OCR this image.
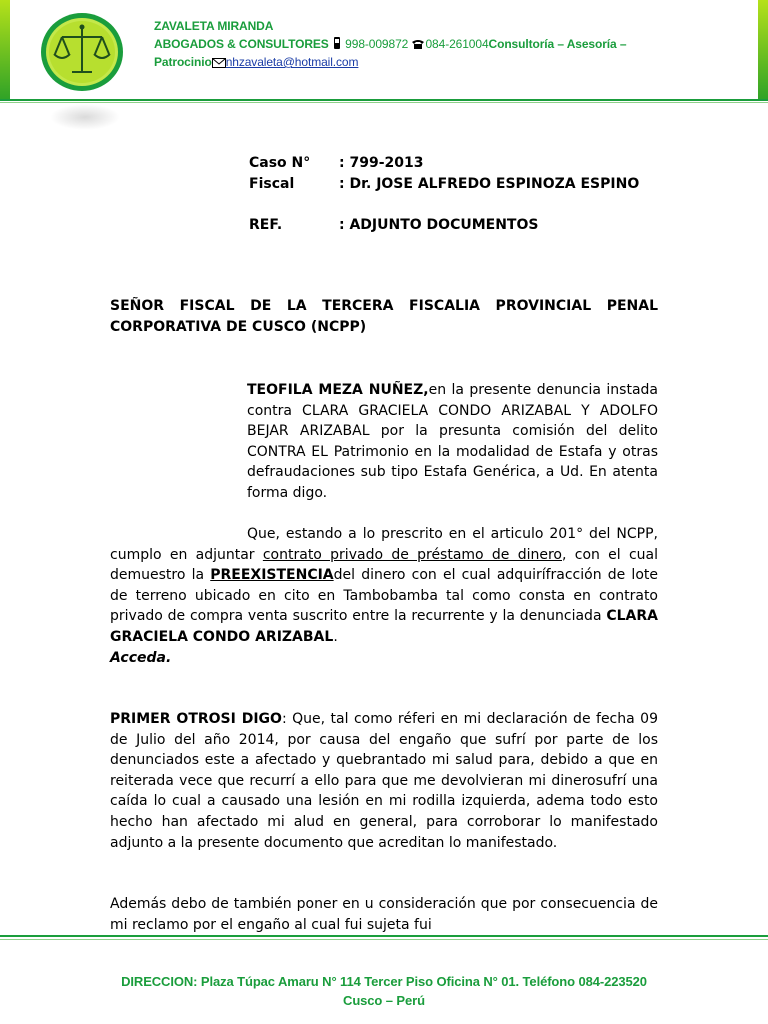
ZAVALETA MIRANDA
ABOGADOS & CONSULTORES 998-009872 084-261004Consultoría – Asesoría –
Patrocinio nhzavaleta@hotmail.com
Caso N° : 799-2013
Fiscal	: Dr. JOSE ALFREDO ESPINOZA ESPINO
REF.	: ADJUNTO DOCUMENTOS
SEÑOR FISCAL DE LA TERCERA FISCALIA PROVINCIAL PENAL
CORPORATIVA DE CUSCO (NCPP)
TEOFILA MEZA NUÑEZ,en la presente denuncia instada contra CLARA GRACIELA CONDO ARIZABAL Y ADOLFO BEJAR ARIZABAL por la presunta comisión del delito CONTRA EL Patrimonio en la modalidad de Estafa y otras defraudaciones sub tipo Estafa Genérica, a Ud. En atenta forma digo.
Que, estando a lo prescrito en el articulo 201° del NCPP, cumplo en adjuntar contrato privado de préstamo de dinero, con el cual demuestro la PREEXISTENCIAdel dinero con el cual adquirífracción de lote de terreno ubicado en cito en Tambobamba tal como consta en contrato privado de compra venta suscrito entre la recurrente y la denunciada CLARA GRACIELA CONDO ARIZABAL.
Acceda.
PRIMER OTROSI DIGO: Que, tal como réferi en mi declaración de fecha 09 de Julio del año 2014, por causa del engaño que sufrí por parte de los denunciados este a afectado y quebrantado mi salud para, debido a que en reiterada vece que recurrí a ello para que me devolvieran mi dinerosufrí una caída lo cual a causado una lesión en mi rodilla izquierda, adema todo esto hecho han afectado mi alud en general, para corroborar lo manifestado adjunto a la presente documento que acreditan lo manifestado.
Además debo de también poner en u consideración que por consecuencia de mi reclamo por el engaño al cual fui sujeta fui
DIRECCION: Plaza Túpac Amaru N° 114 Tercer Piso Oficina N° 01. Teléfono 084-223520
Cusco – Perú
